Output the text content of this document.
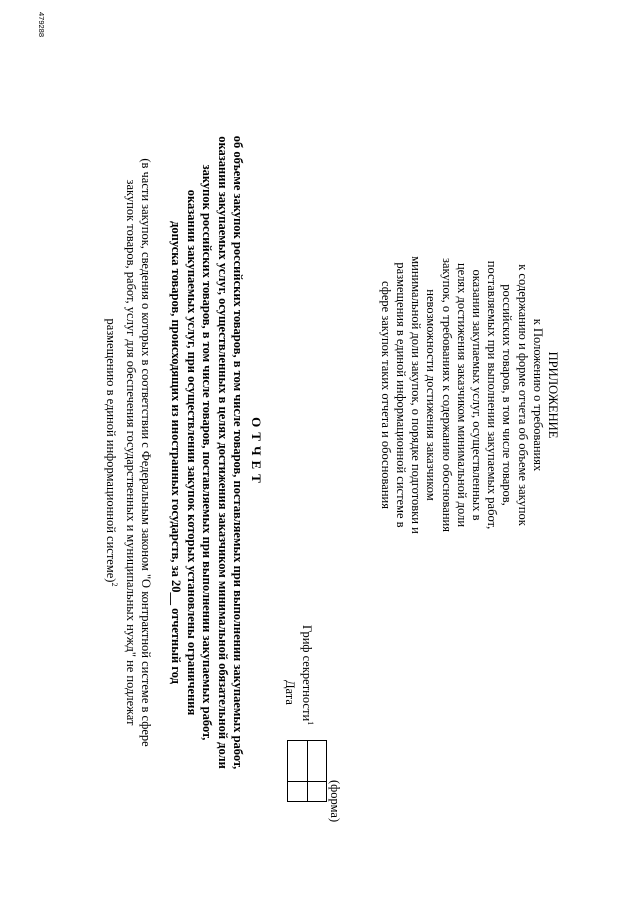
ПРИЛОЖЕНИЕ
к Положению о требованиях
к содержанию и форме отчета об объеме закупок
российских товаров, в том числе товаров,
поставляемых при выполнении закупаемых работ,
оказании закупаемых услуг, осуществленных в
целях достижения заказчиком минимальной доли
закупок, о требованиях к содержанию обоснования
невозможности достижения заказчиком
минимальной доли закупок, о порядке подготовки и
размещения в единой информационной системе в
сфере закупок таких отчета и обоснования
(форма)
Гриф секретности$^1$
Дата
ОТЧЕТ
об объеме закупок российских товаров, в том числе товаров, поставляемых при выполнении закупаемых работ,
оказании закупаемых услуг, осуществленных в целях достижения заказчиком минимальной обязательной доли
закупок российских товаров, в том числе товаров, поставляемых при выполнении закупаемых работ,
оказании закупаемых услуг, при осуществлении закупок которых установлены ограничения
допуска товаров, происходящих из иностранных государств, за 20__ отчетный год
(в части закупок, сведения о которых в соответствии с Федеральным законом "О контрактной системе в сфере
закупок товаров, работ, услуг для обеспечения государственных и муниципальных нужд" не подлежат
размещению в единой информационной системе)$^2$
479288
